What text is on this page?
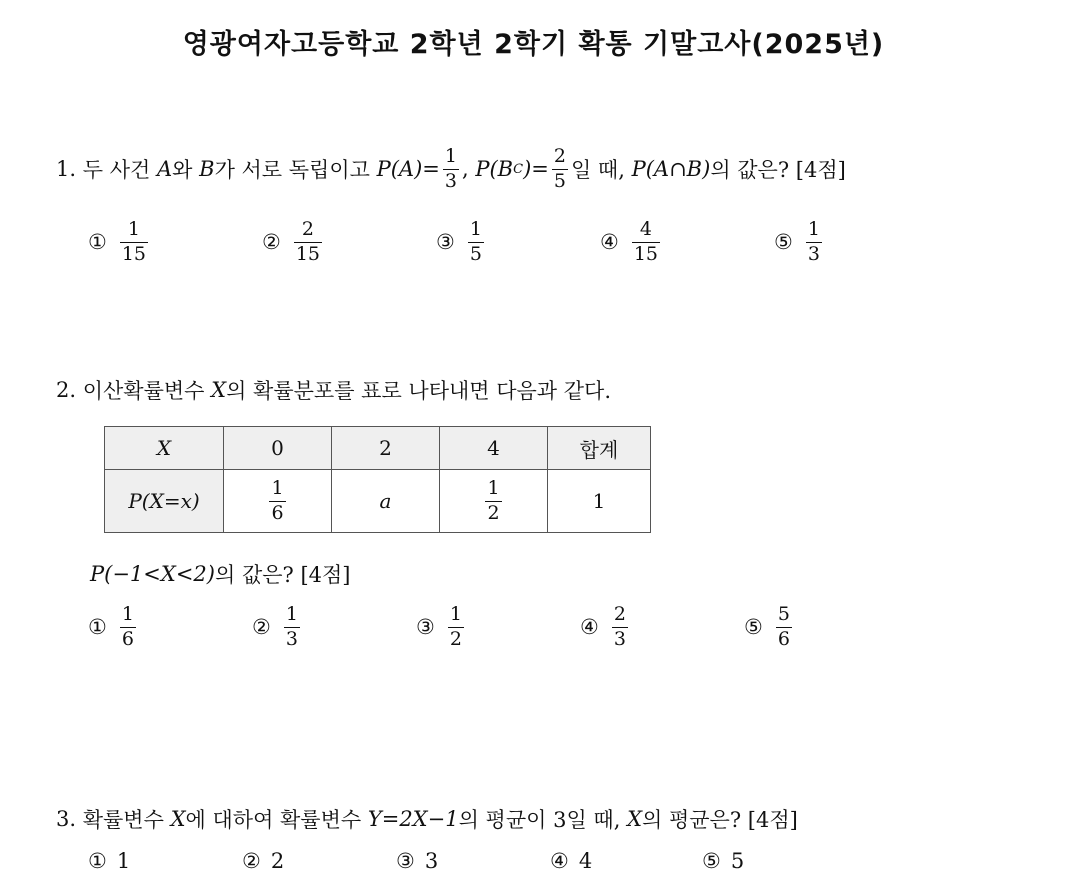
영광여자고등학교 2학년 2학기 확통 기말고사(2025년)
1.
두 사건
A 와
B 가 서로 독립이고
$P(A)= \frac{1}{3}$ ,
P(B C )= $\frac{2}{5}$ 일 때,
P(A∩B) 의 값은? [4점]
① $\frac{1}{15}$	② $\frac{2}{15}$	③ $\frac{1}{5}$	④ $\frac{4}{15}$	⑤ $\frac{1}{3}$
2.
이산확률변수
X 의 확률분포를 표로 나타내면 다음과 같다.
X	0	2	4	합계
P(X=x)	$\frac{1}{6}$	a	$\frac{1}{2}$	1
P(−1<X<2) 의 값은? [4점]
① $\frac{1}{6}$	② $\frac{1}{3}$	③ $\frac{1}{2}$	④ $\frac{2}{3}$	⑤ $\frac{5}{6}$
3.
확률변수
X 에 대하여 확률변수
Y=2X−1 의 평균이 3일 때,
X 의 평균은? [4점]
① 1	② 2	③ 3	④ 4	⑤ 5
